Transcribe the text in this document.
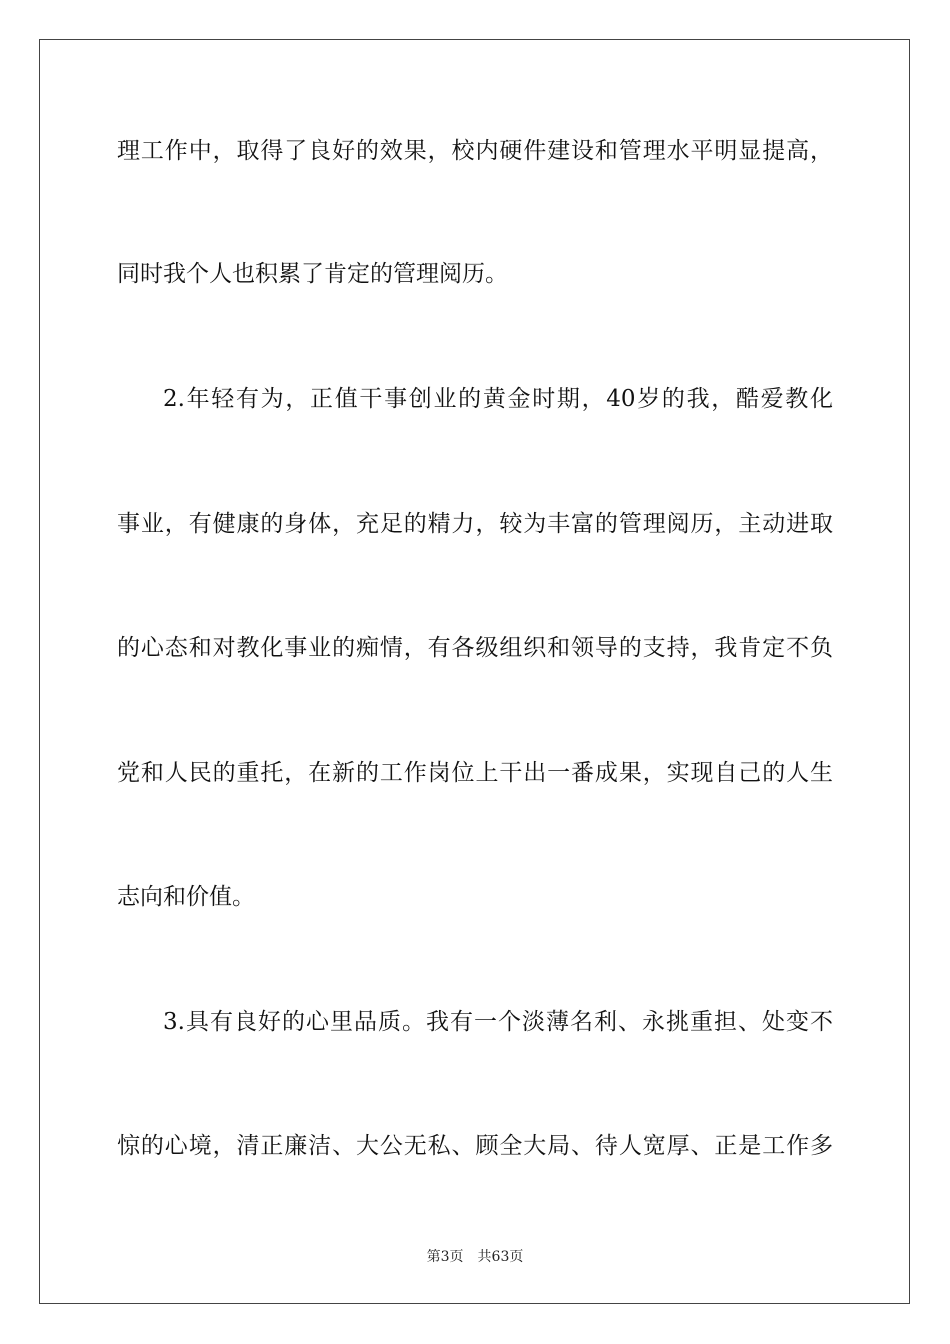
理工作中，取得了良好的效果，校内硬件建设和管理水平明显提高，
同时我个人也积累了肯定的管理阅历。
2.年轻有为，正值干事创业的黄金时期，40岁的我，酷爱教化
事业，有健康的身体，充足的精力，较为丰富的管理阅历，主动进取
的心态和对教化事业的痴情，有各级组织和领导的支持，我肯定不负
党和人民的重托，在新的工作岗位上干出一番成果，实现自己的人生
志向和价值。
3.具有良好的心里品质。我有一个淡薄名利、永挑重担、处变不
惊的心境，清正廉洁、大公无私、顾全大局、待人宽厚、正是工作多
第3页 共63页
